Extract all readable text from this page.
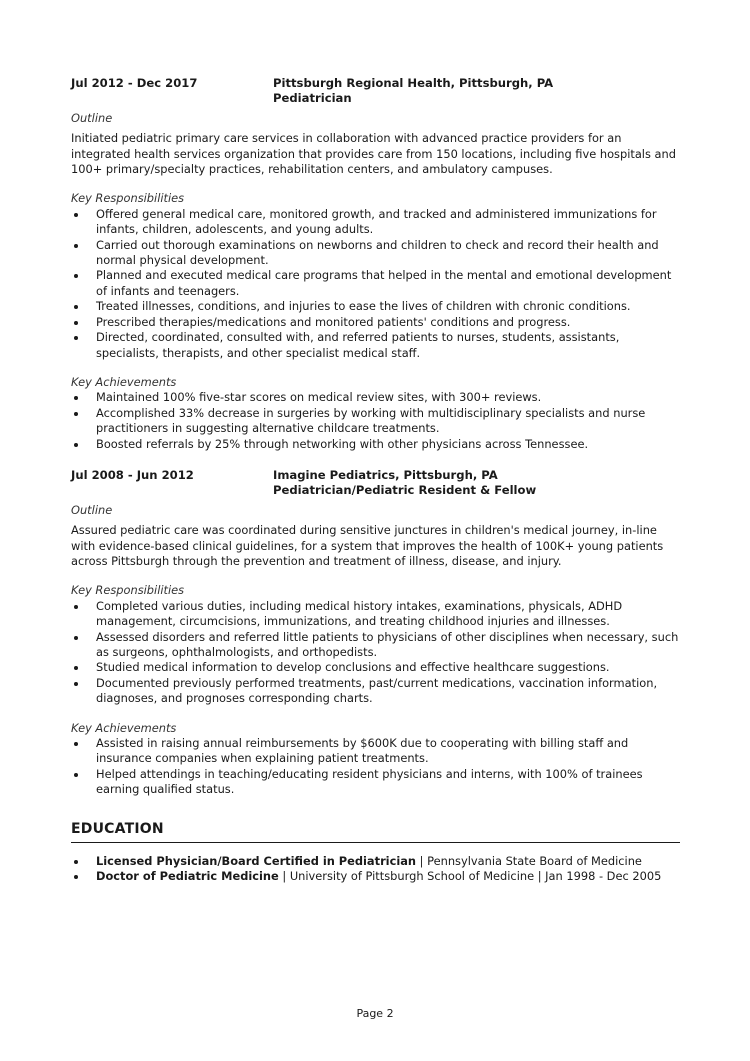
Jul 2012 - Dec 2017	Pittsburgh Regional Health, Pittsburgh, PA
Pediatrician
Outline
Initiated pediatric primary care services in collaboration with advanced practice providers for an integrated health services organization that provides care from 150 locations, including five hospitals and 100+ primary/specialty practices, rehabilitation centers, and ambulatory campuses.
Key Responsibilities
Offered general medical care, monitored growth, and tracked and administered immunizations for infants, children, adolescents, and young adults.
Carried out thorough examinations on newborns and children to check and record their health and normal physical development.
Planned and executed medical care programs that helped in the mental and emotional development of infants and teenagers.
Treated illnesses, conditions, and injuries to ease the lives of children with chronic conditions.
Prescribed therapies/medications and monitored patients' conditions and progress.
Directed, coordinated, consulted with, and referred patients to nurses, students, assistants, specialists, therapists, and other specialist medical staff.
Key Achievements
Maintained 100% five-star scores on medical review sites, with 300+ reviews.
Accomplished 33% decrease in surgeries by working with multidisciplinary specialists and nurse practitioners in suggesting alternative childcare treatments.
Boosted referrals by 25% through networking with other physicians across Tennessee.
Jul 2008 - Jun 2012	Imagine Pediatrics, Pittsburgh, PA
Pediatrician/Pediatric Resident & Fellow
Outline
Assured pediatric care was coordinated during sensitive junctures in children's medical journey, in-line with evidence-based clinical guidelines, for a system that improves the health of 100K+ young patients across Pittsburgh through the prevention and treatment of illness, disease, and injury.
Key Responsibilities
Completed various duties, including medical history intakes, examinations, physicals, ADHD management, circumcisions, immunizations, and treating childhood injuries and illnesses.
Assessed disorders and referred little patients to physicians of other disciplines when necessary, such as surgeons, ophthalmologists, and orthopedists.
Studied medical information to develop conclusions and effective healthcare suggestions.
Documented previously performed treatments, past/current medications, vaccination information, diagnoses, and prognoses corresponding charts.
Key Achievements
Assisted in raising annual reimbursements by $600K due to cooperating with billing staff and insurance companies when explaining patient treatments.
Helped attendings in teaching/educating resident physicians and interns, with 100% of trainees earning qualified status.
EDUCATION
Licensed Physician/Board Certified in Pediatrician | Pennsylvania State Board of Medicine
Doctor of Pediatric Medicine | University of Pittsburgh School of Medicine | Jan 1998 - Dec 2005
Page 2
